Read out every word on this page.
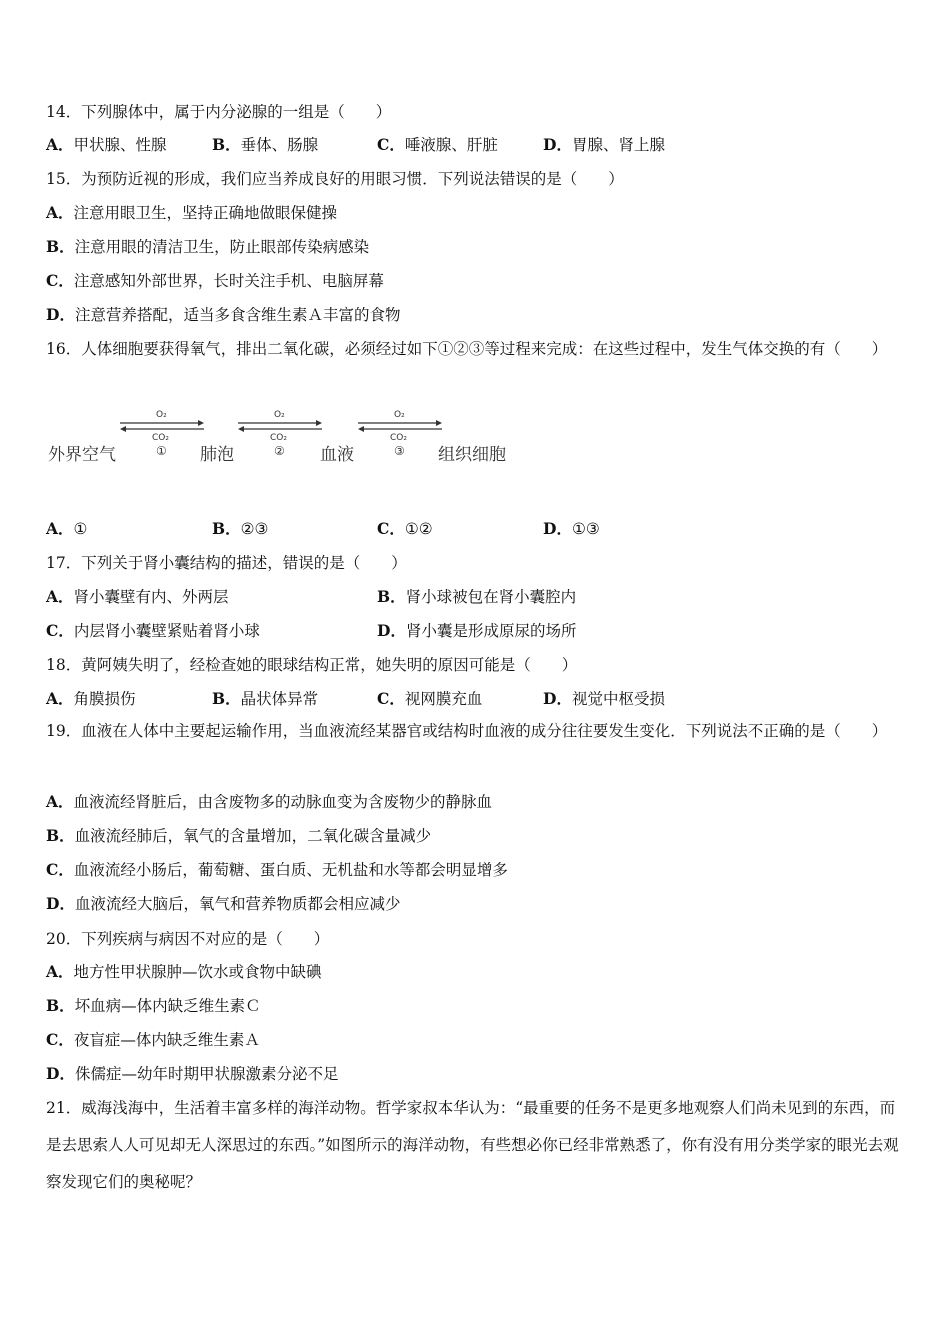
14．下列腺体中，属于内分泌腺的一组是（　　）
A．甲状腺、性腺	B．垂体、肠腺	C．唾液腺、肝脏	D．胃腺、肾上腺
15．为预防近视的形成，我们应当养成良好的用眼习惯．下列说法错误的是（　　）
A．注意用眼卫生，坚持正确地做眼保健操
B．注意用眼的清洁卫生，防止眼部传染病感染
C．注意感知外部世界，长时关注手机、电脑屏幕
D．注意营养搭配，适当多食含维生素Ａ丰富的食物
16．人体细胞要获得氧气，排出二氧化碳，必须经过如下①②③等过程来完成：在这些过程中，发生气体交换的有（　　）
O₂
CO₂
①
O₂
CO₂
②
O₂
CO₂
③
外界空气	肺泡	血液	组织细胞
A．①	B．②③	C．①②	D．①③
17．下列关于肾小囊结构的描述，错误的是（　　）
A．肾小囊壁有内、外两层	B．肾小球被包在肾小囊腔内
C．内层肾小囊壁紧贴着肾小球	D．肾小囊是形成原尿的场所
18．黄阿姨失明了，经检查她的眼球结构正常，她失明的原因可能是（　　）
A．角膜损伤	B．晶状体异常	C．视网膜充血	D．视觉中枢受损
19．血液在人体中主要起运输作用，当血液流经某器官或结构时血液的成分往往要发生变化．下列说法不正确的是（　　）
A．血液流经肾脏后，由含废物多的动脉血变为含废物少的静脉血
B．血液流经肺后，氧气的含量增加，二氧化碳含量减少
C．血液流经小肠后，葡萄糖、蛋白质、无机盐和水等都会明显增多
D．血液流经大脑后，氧气和营养物质都会相应减少
20．下列疾病与病因不对应的是（　　）
A．地方性甲状腺肿—饮水或食物中缺碘
B．坏血病—体内缺乏维生素Ｃ
C．夜盲症—体内缺乏维生素Ａ
D．侏儒症—幼年时期甲状腺激素分泌不足
21．威海浅海中，生活着丰富多样的海洋动物。哲学家叔本华认为：“最重要的任务不是更多地观察人们尚未见到的东西，而是去思索人人可见却无人深思过的东西。”如图所示的海洋动物，有些想必你已经非常熟悉了，你有没有用分类学家的眼光去观察发现它们的奥秘呢？
